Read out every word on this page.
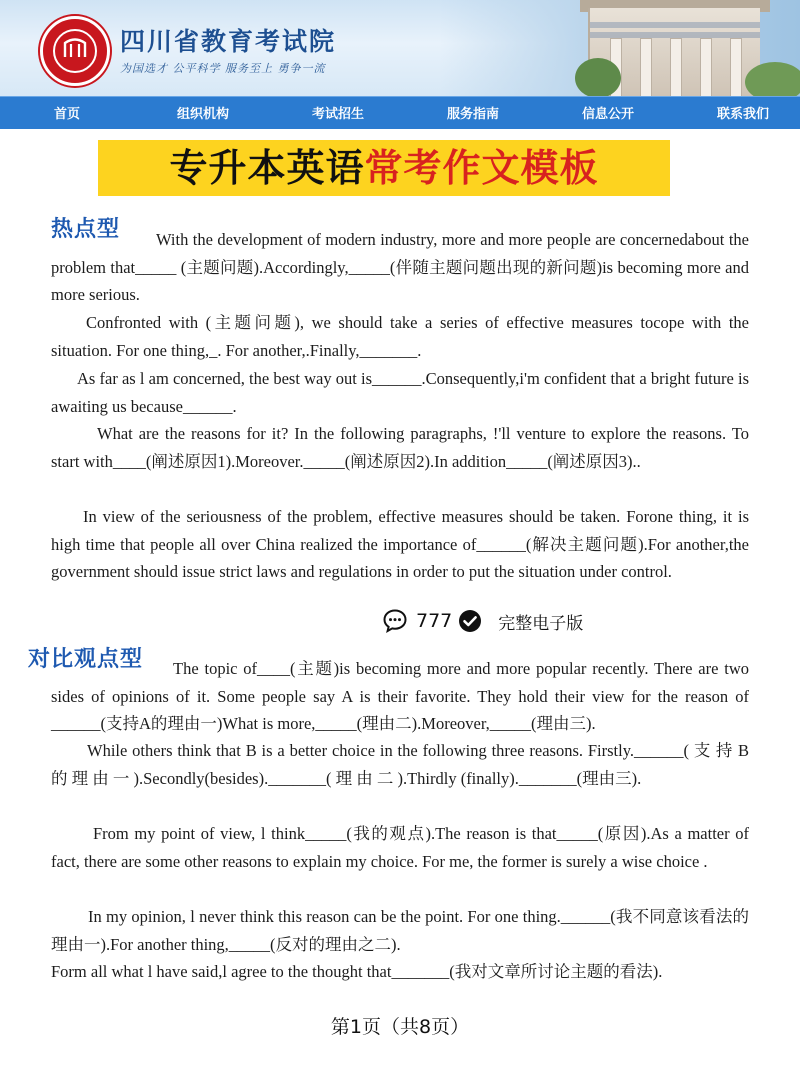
四川省教育考试院
为国选才 公平科学 服务至上 勇争一流
首页	组织机构	考试招生	服务指南	信息公开	联系我们
专升本英语常考作文模板
热点型	With the development of modern industry, more and more people are concernedabout the problem that_____ (主题问题).Accordingly,_____(伴随主题问题出现的新问题)is becoming more and more serious.
Confronted with (主题问题), we should take a series of effective measures tocope with the situation. For one thing,_. For another,.Finally,_______.
As far as l am concerned, the best way out is______.Consequently,i'm confident that a bright future is awaiting us because______.
What are the reasons for it? In the following paragraphs, !'ll venture to explore the reasons. To start with____(阐述原因1).Moreover._____(阐述原因2).In addition_____(阐述原因3)..
In view of the seriousness of the problem, effective measures should be taken. Forone thing, it is high time that people all over China realized the importance of______(解决主题问题).For another,the government should issue strict laws and regulations in order to put the situation under control.
777	完整电子版
对比观点型	The topic of____(主题)is becoming more and more popular recently. There are two sides of opinions of it. Some people say A is their favorite. They hold their view for the reason of ______(支持A的理由一)What is more,_____(理由二).Moreover,_____(理由三).
While others think that B is a better choice in the following three reasons. Firstly.______( 支 持 B 的 理 由 一 ).Secondly(besides)._______( 理 由 二 ).Thirdly (finally)._______(理由三).
From my point of view, l think_____(我的观点).The reason is that_____(原因).As a matter of fact, there are some other reasons to explain my choice. For me, the former is surely a wise choice .
In my opinion, l never think this reason can be the point. For one thing.______(我不同意该看法的理由一).For another thing,_____(反对的理由之二).
Form all what l have said,l agree to the thought that_______(我对文章所讨论主题的看法).
第1页（共8页）
